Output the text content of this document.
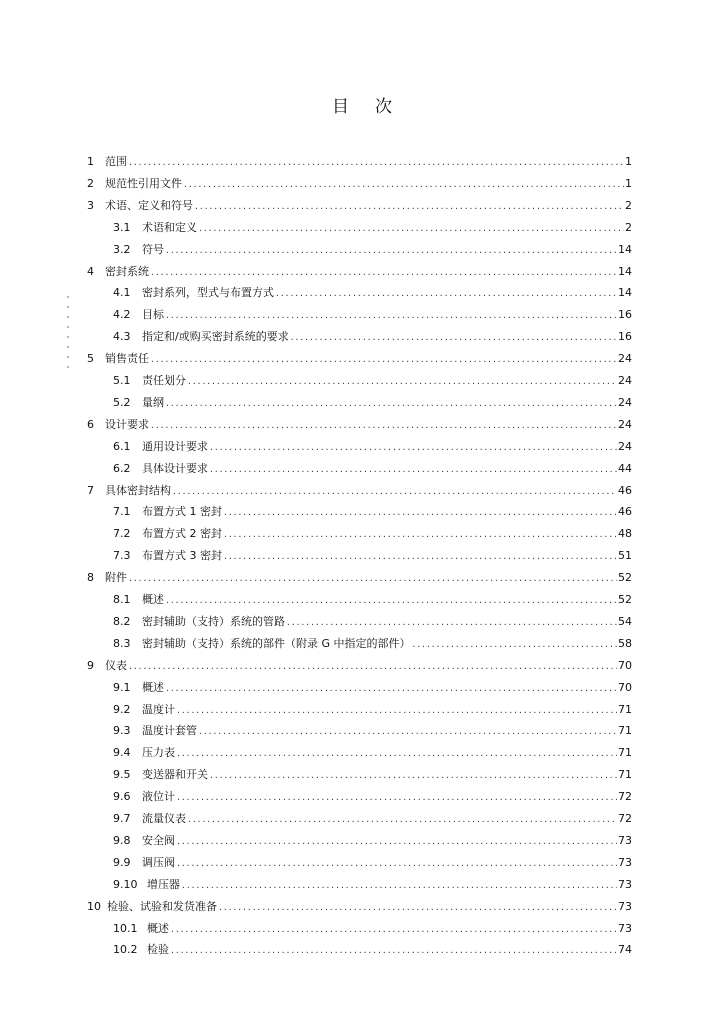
目 次
1	范围 .....	1
2	规范性引用文件 .....	1
3	术语、定义和符号 .....	2
3.1	术语和定义 .....	2
3.2	符号 .....	14
4	密封系统 .....	14
4.1	密封系列，型式与布置方式 .....	14
4.2	目标 .....	16
4.3	指定和/或购买密封系统的要求 .....	16
5	销售责任 .....	24
5.1	责任划分 .....	24
5.2	量纲 .....	24
6	设计要求 .....	24
6.1	通用设计要求 .....	24
6.2	具体设计要求 .....	44
7	具体密封结构 .....	46
7.1	布置方式 1 密封 .....	46
7.2	布置方式 2 密封 .....	48
7.3	布置方式 3 密封 .....	51
8	附件 .....	52
8.1	概述 .....	52
8.2	密封辅助（支持）系统的管路 .....	54
8.3	密封辅助（支持）系统的部件（附录 G 中指定的部件） .....	58
9	仪表 .....	70
9.1	概述 .....	70
9.2	温度计 .....	71
9.3	温度计套管 .....	71
9.4	压力表 .....	71
9.5	变送器和开关 .....	71
9.6	液位计 .....	72
9.7	流量仪表 .....	72
9.8	安全阀 .....	73
9.9	调压阀 .....	73
9.10 增压器 .....	73
10 检验、试验和发货准备 .....	73
10.1 概述 .....	73
10.2 检验 .....	74
